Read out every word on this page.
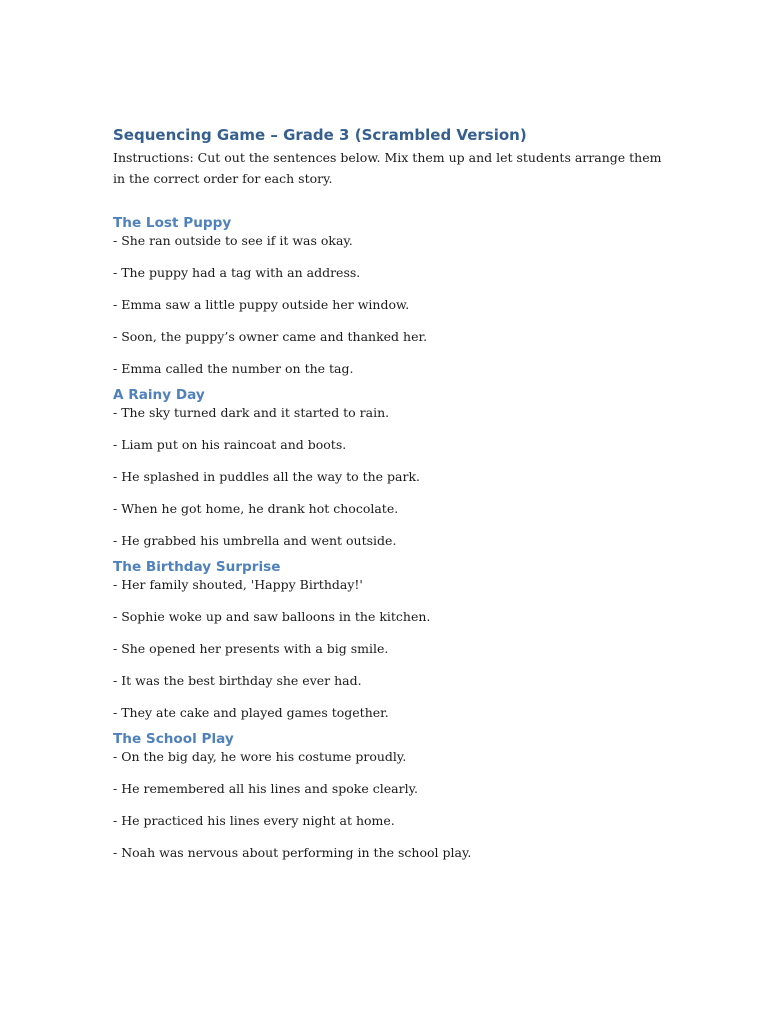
Sequencing Game – Grade 3 (Scrambled Version)

Instructions: Cut out the sentences below. Mix them up and let students arrange them in the correct order for each story.

The Lost Puppy
- She ran outside to see if it was okay.
- The puppy had a tag with an address.
- Emma saw a little puppy outside her window.
- Soon, the puppy’s owner came and thanked her.
- Emma called the number on the tag.
A Rainy Day
- The sky turned dark and it started to rain.
- Liam put on his raincoat and boots.
- He splashed in puddles all the way to the park.
- When he got home, he drank hot chocolate.
- He grabbed his umbrella and went outside.
The Birthday Surprise
- Her family shouted, 'Happy Birthday!'
- Sophie woke up and saw balloons in the kitchen.
- She opened her presents with a big smile.
- It was the best birthday she ever had.
- They ate cake and played games together.
The School Play
- On the big day, he wore his costume proudly.
- He remembered all his lines and spoke clearly.
- He practiced his lines every night at home.
- Noah was nervous about performing in the school play.
